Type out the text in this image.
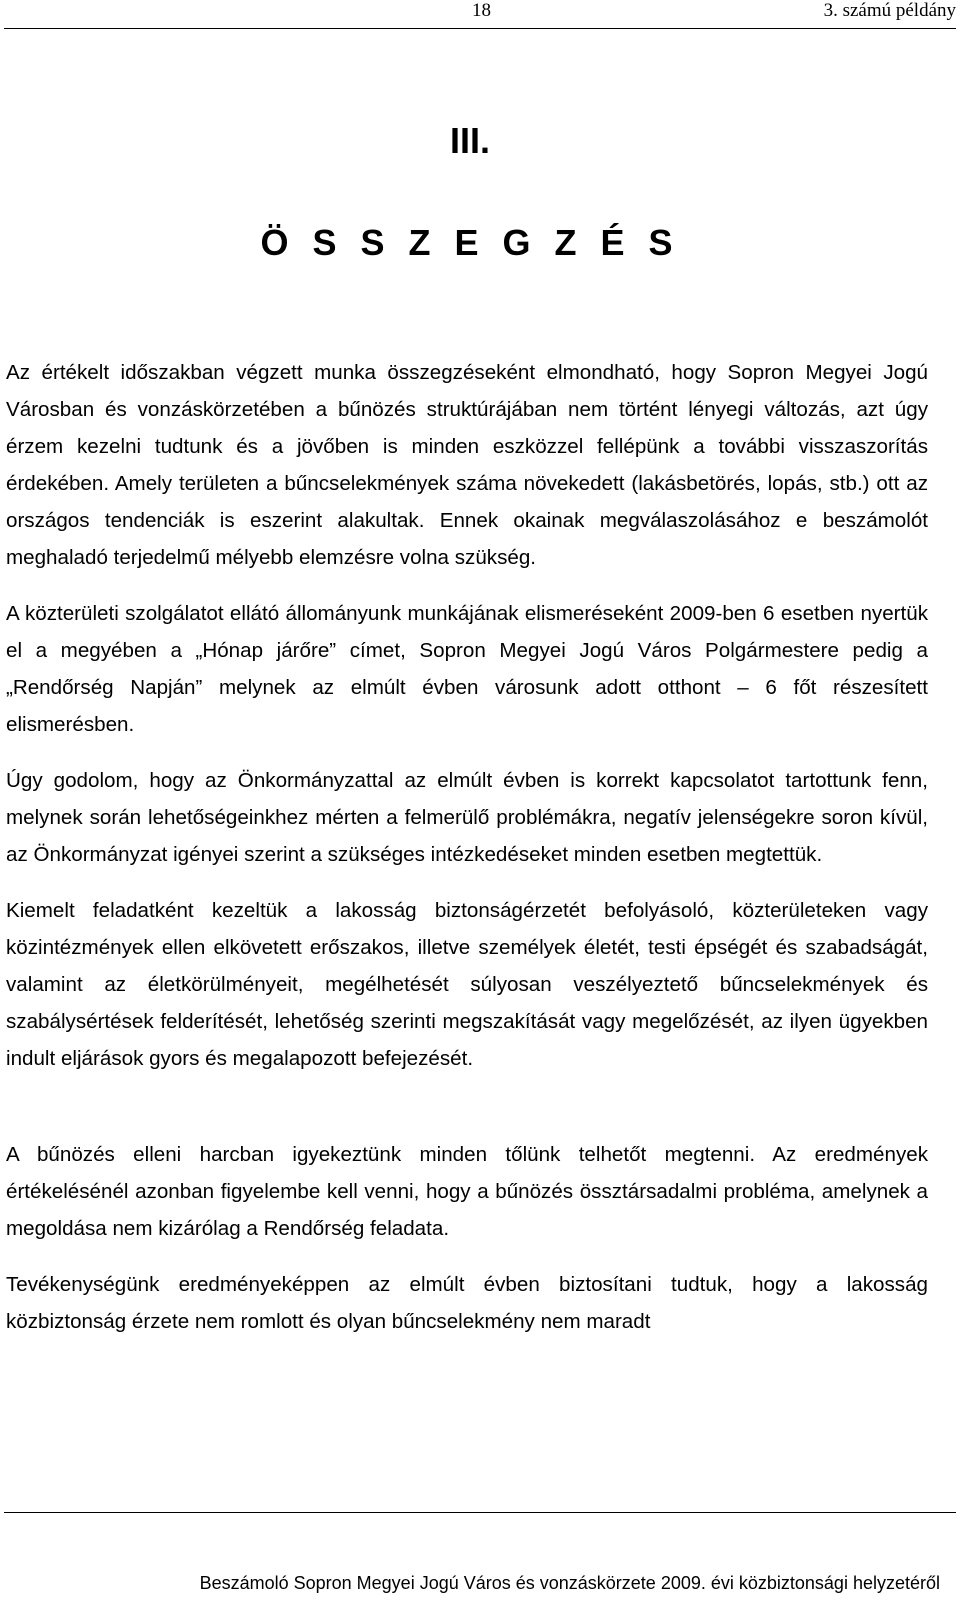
18	3. számú példány
III.
Ö S S Z E G Z É S

Az értékelt időszakban végzett munka összegzéseként elmondható, hogy Sopron Megyei Jogú Városban és vonzáskörzetében a bűnözés struktúrájában nem történt lényegi változás, azt úgy érzem kezelni tudtunk és a jövőben is minden eszközzel fellépünk a további visszaszorítás érdekében. Amely területen a bűncselekmények száma növekedett (lakásbetörés, lopás, stb.) ott az országos tendenciák is eszerint alakultak. Ennek okainak megválaszolásához e beszámolót meghaladó terjedelmű mélyebb elemzésre volna szükség.

A közterületi szolgálatot ellátó állományunk munkájának elismeréseként 2009-ben 6 esetben nyertük el a megyében a „Hónap járőre” címet, Sopron Megyei Jogú Város Polgármestere pedig a „Rendőrség Napján” melynek az elmúlt évben városunk adott otthont – 6 főt részesített elismerésben.

Úgy godolom, hogy az Önkormányzattal az elmúlt évben is korrekt kapcsolatot tartottunk fenn, melynek során lehetőségeinkhez mérten a felmerülő problémákra, negatív jelenségekre soron kívül, az Önkormányzat igényei szerint a szükséges intézkedéseket minden esetben megtettük.

Kiemelt feladatként kezeltük a lakosság biztonságérzetét befolyásoló, közterületeken vagy közintézmények ellen elkövetett erőszakos, illetve személyek életét, testi épségét és szabadságát, valamint az életkörülményeit, megélhetését súlyosan veszélyeztető bűncselekmények és szabálysértések felderítését, lehetőség szerinti megszakítását vagy megelőzését, az ilyen ügyekben indult eljárások gyors és megalapozott befejezését.

A bűnözés elleni harcban igyekeztünk minden tőlünk telhetőt megtenni. Az eredmények értékelésénél azonban figyelembe kell venni, hogy a bűnözés össztársadalmi probléma, amelynek a megoldása nem kizárólag a Rendőrség feladata.

Tevékenységünk eredményeképpen az elmúlt évben biztosítani tudtuk, hogy a lakosság közbiztonság érzete nem romlott és olyan bűncselekmény nem maradt

Beszámoló Sopron Megyei Jogú Város és vonzáskörzete 2009. évi közbiztonsági helyzetéről
